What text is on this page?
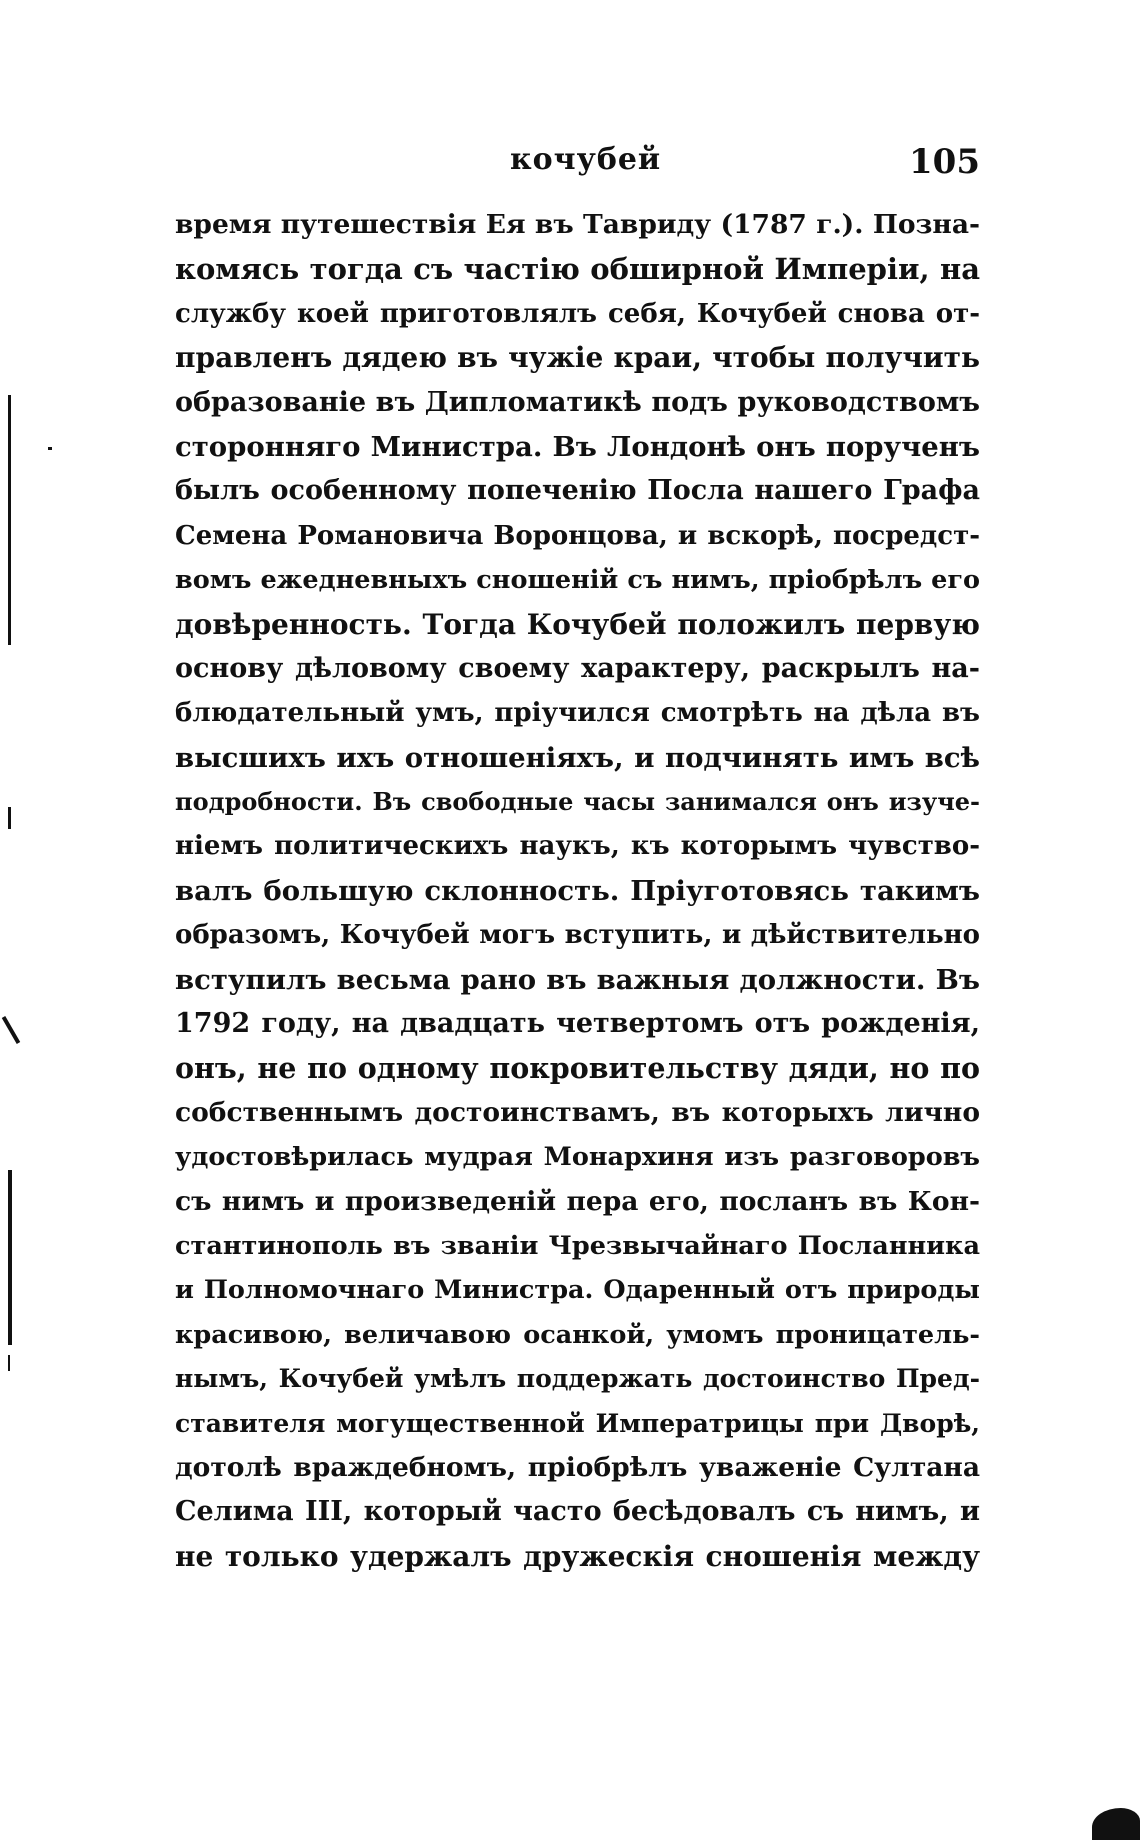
кочубей	105
время путешествія Ея въ Тавриду (1787 г.). Позна-
комясь тогда съ частію обширной Имперіи, на
службу коей приготовлялъ себя, Кочубей снова от-
правленъ дядею въ чужіе краи, чтобы получить
образованіе въ Дипломатикѣ подъ руководствомъ
сторонняго Министра. Въ Лондонѣ онъ порученъ
былъ особенному попеченію Посла нашего Графа
Семена Романовича Воронцова, и вскорѣ, посредст-
вомъ ежедневныхъ сношеній съ нимъ, пріобрѣлъ его
довѣренность. Тогда Кочубей положилъ первую
основу дѣловому своему характеру, раскрылъ на-
блюдательный умъ, пріучился смотрѣть на дѣла въ
высшихъ ихъ отношеніяхъ, и подчинять имъ всѣ
подробности. Въ свободные часы занимался онъ изуче-
ніемъ политическихъ наукъ, къ которымъ чувство-
валъ большую склонность. Пріуготовясь такимъ
образомъ, Кочубей могъ вступить, и дѣйствительно
вступилъ весьма рано въ важныя должности. Въ
1792 году, на двадцать четвертомъ отъ рожденія,
онъ, не по одному покровительству дяди, но по
собственнымъ достоинствамъ, въ которыхъ лично
удостовѣрилась мудрая Монархиня изъ разговоровъ
съ нимъ и произведеній пера его, посланъ въ Кон-
стантинополь въ званіи Чрезвычайнаго Посланника
и Полномочнаго Министра. Одаренный отъ природы
красивою, величавою осанкой, умомъ проницатель-
нымъ, Кочубей умѣлъ поддержать достоинство Пред-
ставителя могущественной Императрицы при Дворѣ,
дотолѣ враждебномъ, пріобрѣлъ уваженіе Султана
Селима III, который часто бесѣдовалъ съ нимъ, и
не только удержалъ дружескія сношенія между
